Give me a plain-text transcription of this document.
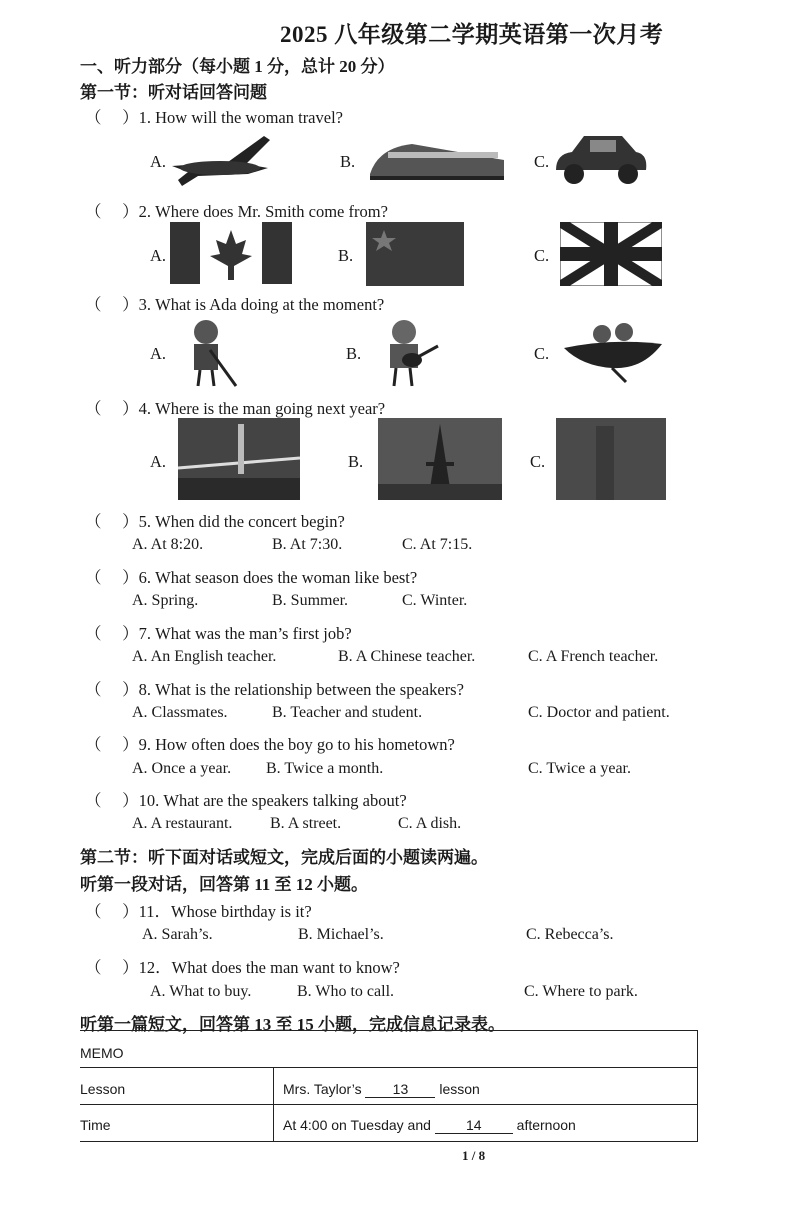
2025 八年级第二学期英语第一次月考
一、听力部分（每小题 1 分，总计 20 分）
第一节：听对话回答问题
（　 ）1. How will the woman travel?
A.	B.	C.
（　 ）2. Where does Mr. Smith come from?
A.	B.	C.
（　 ）3. What is Ada doing at the moment?
A.	B.	C.
（　 ）4. Where is the man going next year?
A.	B.	C.
（　 ）5. When did the concert begin?
A. At 8:20.	B. At 7:30.	C. At 7:15.
（　 ）6. What season does the woman like best?
A. Spring.	B. Summer.	C. Winter.
（　 ）7. What was the man’s first job?
A. An English teacher.	B. A Chinese teacher.	C. A French teacher.
（　 ）8. What is the relationship between the speakers?
A. Classmates.	B. Teacher and student.	C. Doctor and patient.
（　 ）9. How often does the boy go to his hometown?
A. Once a year. B. Twice a month.	C. Twice a year.
（　 ）10. What are the speakers talking about?
A. A restaurant. B. A street.	C. A dish.
第二节：听下面对话或短文，完成后面的小题读两遍。
听第一段对话，回答第 11 至 12 小题。
（　 ）11．Whose birthday is it?
A. Sarah’s.	B. Michael’s.	C. Rebecca’s.
（　 ）12．What does the man want to know?
A. What to buy.	B. Who to call.	C. Where to park.
听第一篇短文，回答第 13 至 15 小题，完成信息记录表。
MEMO
Lesson	Mrs. Taylor’s 13 lesson
Time	At 4:00 on Tuesday and	14	afternoon
1 / 8
